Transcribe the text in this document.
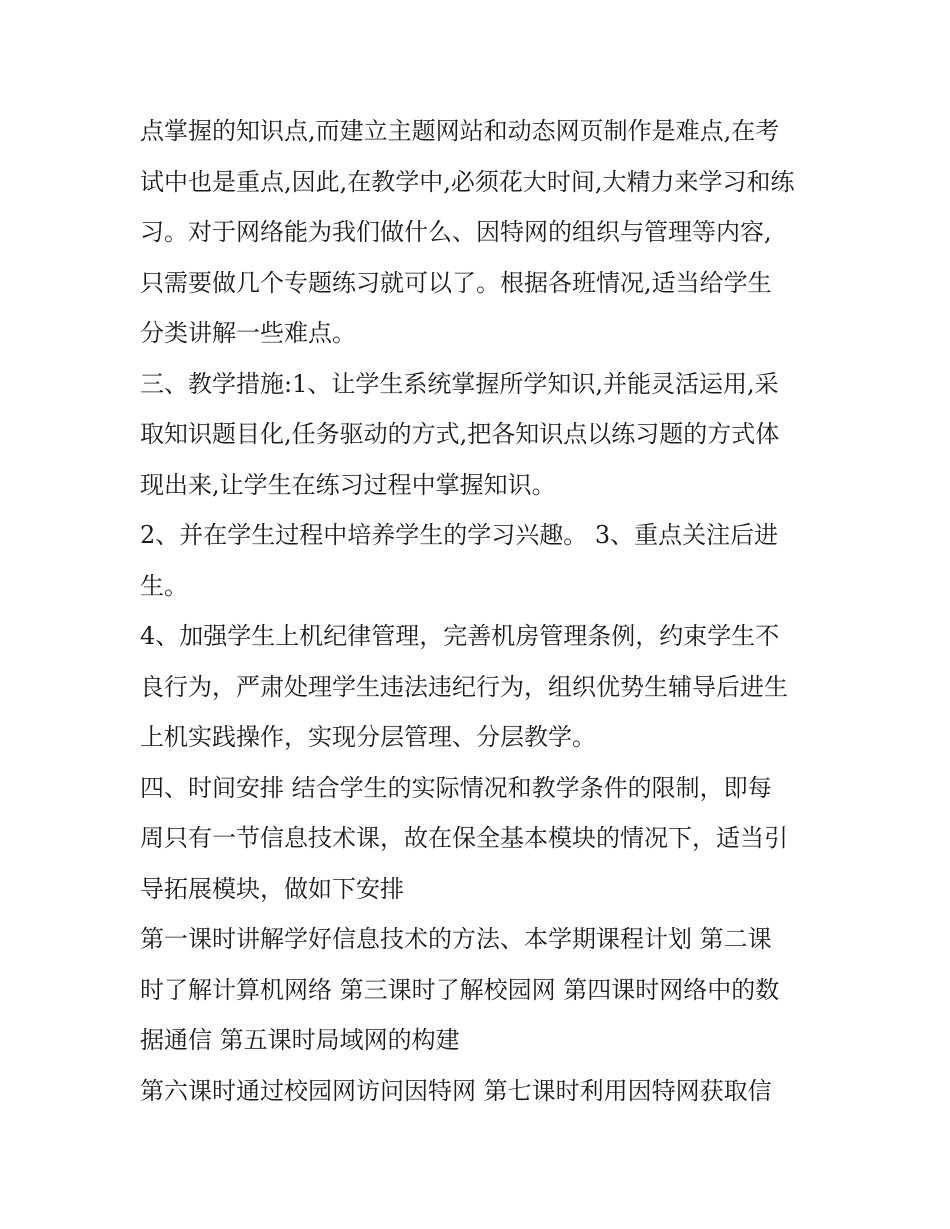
点掌握的知识点,而建立主题网站和动态网页制作是难点,在考
试中也是重点,因此,在教学中,必须花大时间,大精力来学习和练
习。对于网络能为我们做什么、因特网的组织与管理等内容,
只需要做几个专题练习就可以了。根据各班情况,适当给学生
分类讲解一些难点。
三、教学措施:1、让学生系统掌握所学知识,并能灵活运用,采
取知识题目化,任务驱动的方式,把各知识点以练习题的方式体
现出来,让学生在练习过程中掌握知识。
2、并在学生过程中培养学生的学习兴趣。 3、重点关注后进
生。
4、加强学生上机纪律管理，完善机房管理条例，约束学生不
良行为，严肃处理学生违法违纪行为，组织优势生辅导后进生
上机实践操作，实现分层管理、分层教学。
四、时间安排 结合学生的实际情况和教学条件的限制，即每
周只有一节信息技术课，故在保全基本模块的情况下，适当引
导拓展模块，做如下安排
第一课时讲解学好信息技术的方法、本学期课程计划 第二课
时了解计算机网络 第三课时了解校园网 第四课时网络中的数
据通信 第五课时局域网的构建
第六课时通过校园网访问因特网 第七课时利用因特网获取信
